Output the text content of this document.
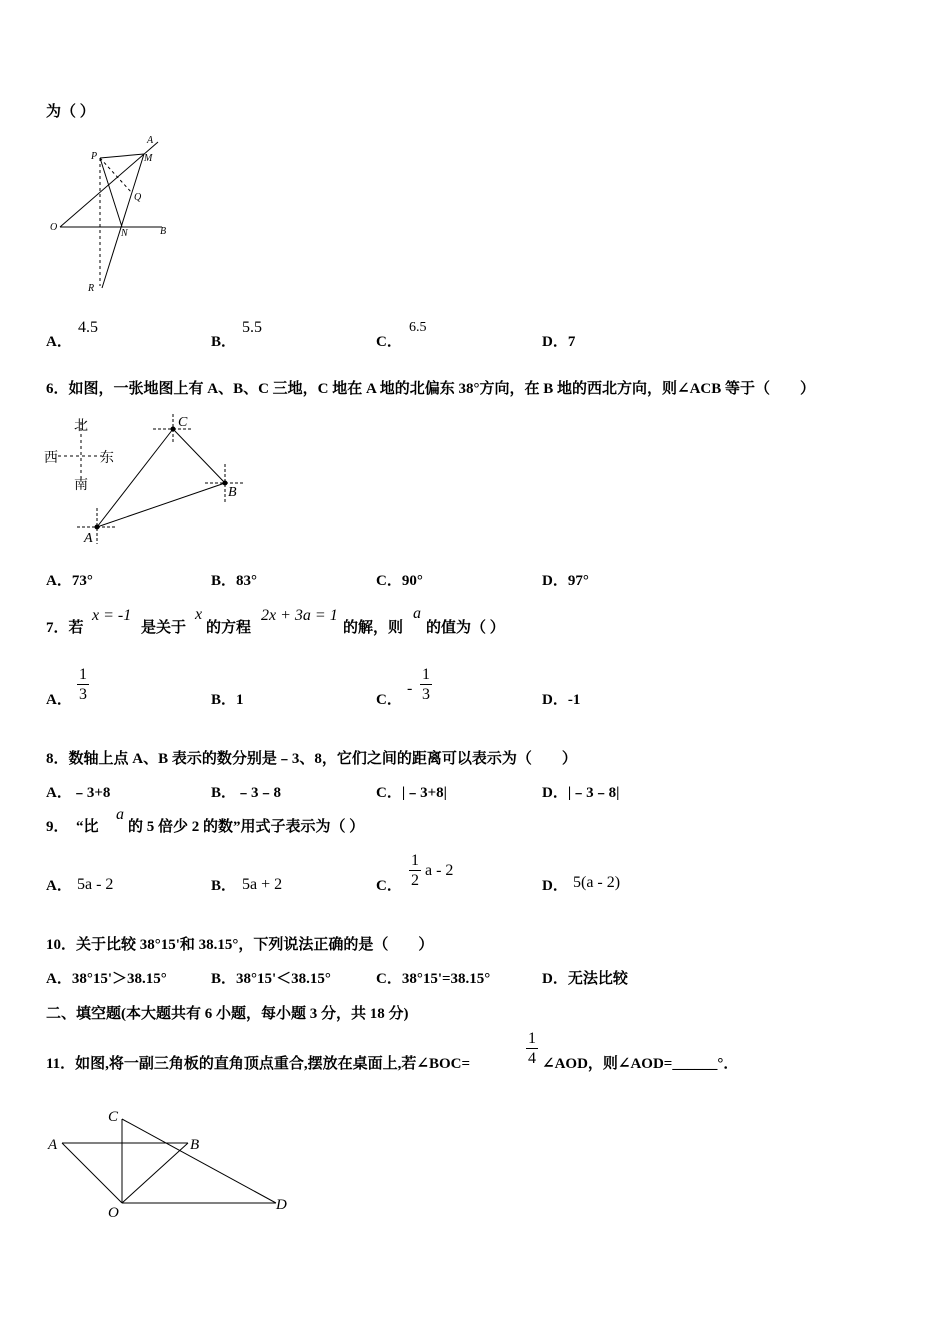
为（ ）
A
P	M
Q
O
N	B
R
A．
4.5
B．
5.5
C．
6.5
D．7
6．如图，一张地图上有 A、B、C 三地，C 地在 A 地的北偏东 38°方向，在 B 地的西北方向，则∠ACB 等于（　　）
北
西	东
南
C
B
A
A．73°	B．83°	C．90°	D．97°
7．若
x = -1
是关于
x
的方程
2x + 3a = 1
的解，则
a
的值为（ ）
A．
1
3	B．1	C．
-
1
3	D．-1
8．数轴上点 A、B 表示的数分别是﹣3、8，它们之间的距离可以表示为（　　）
A．﹣3+8	B．﹣3﹣8	C．|﹣3+8|	D．|﹣3﹣8|
9．　“比
a
的 5 倍少 2 的数”用式子表示为（ ）
A． 5a - 2	B． 5a + 2	C．
1
2
a - 2
D． 5(a - 2)
10．关于比较 38°15'和 38.15°，下列说法正确的是（　　）
A．38°15'＞38.15°	B．38°15'＜38.15°	C．38°15'=38.15°	D．无法比较
二、填空题(本大题共有 6 小题，每小题 3 分，共 18 分)
11．如图,将一副三角板的直角顶点重合,摆放在桌面上,若∠BOC=
1
4 ∠AOD，则∠AOD=______°．
C
A	B
O	D
